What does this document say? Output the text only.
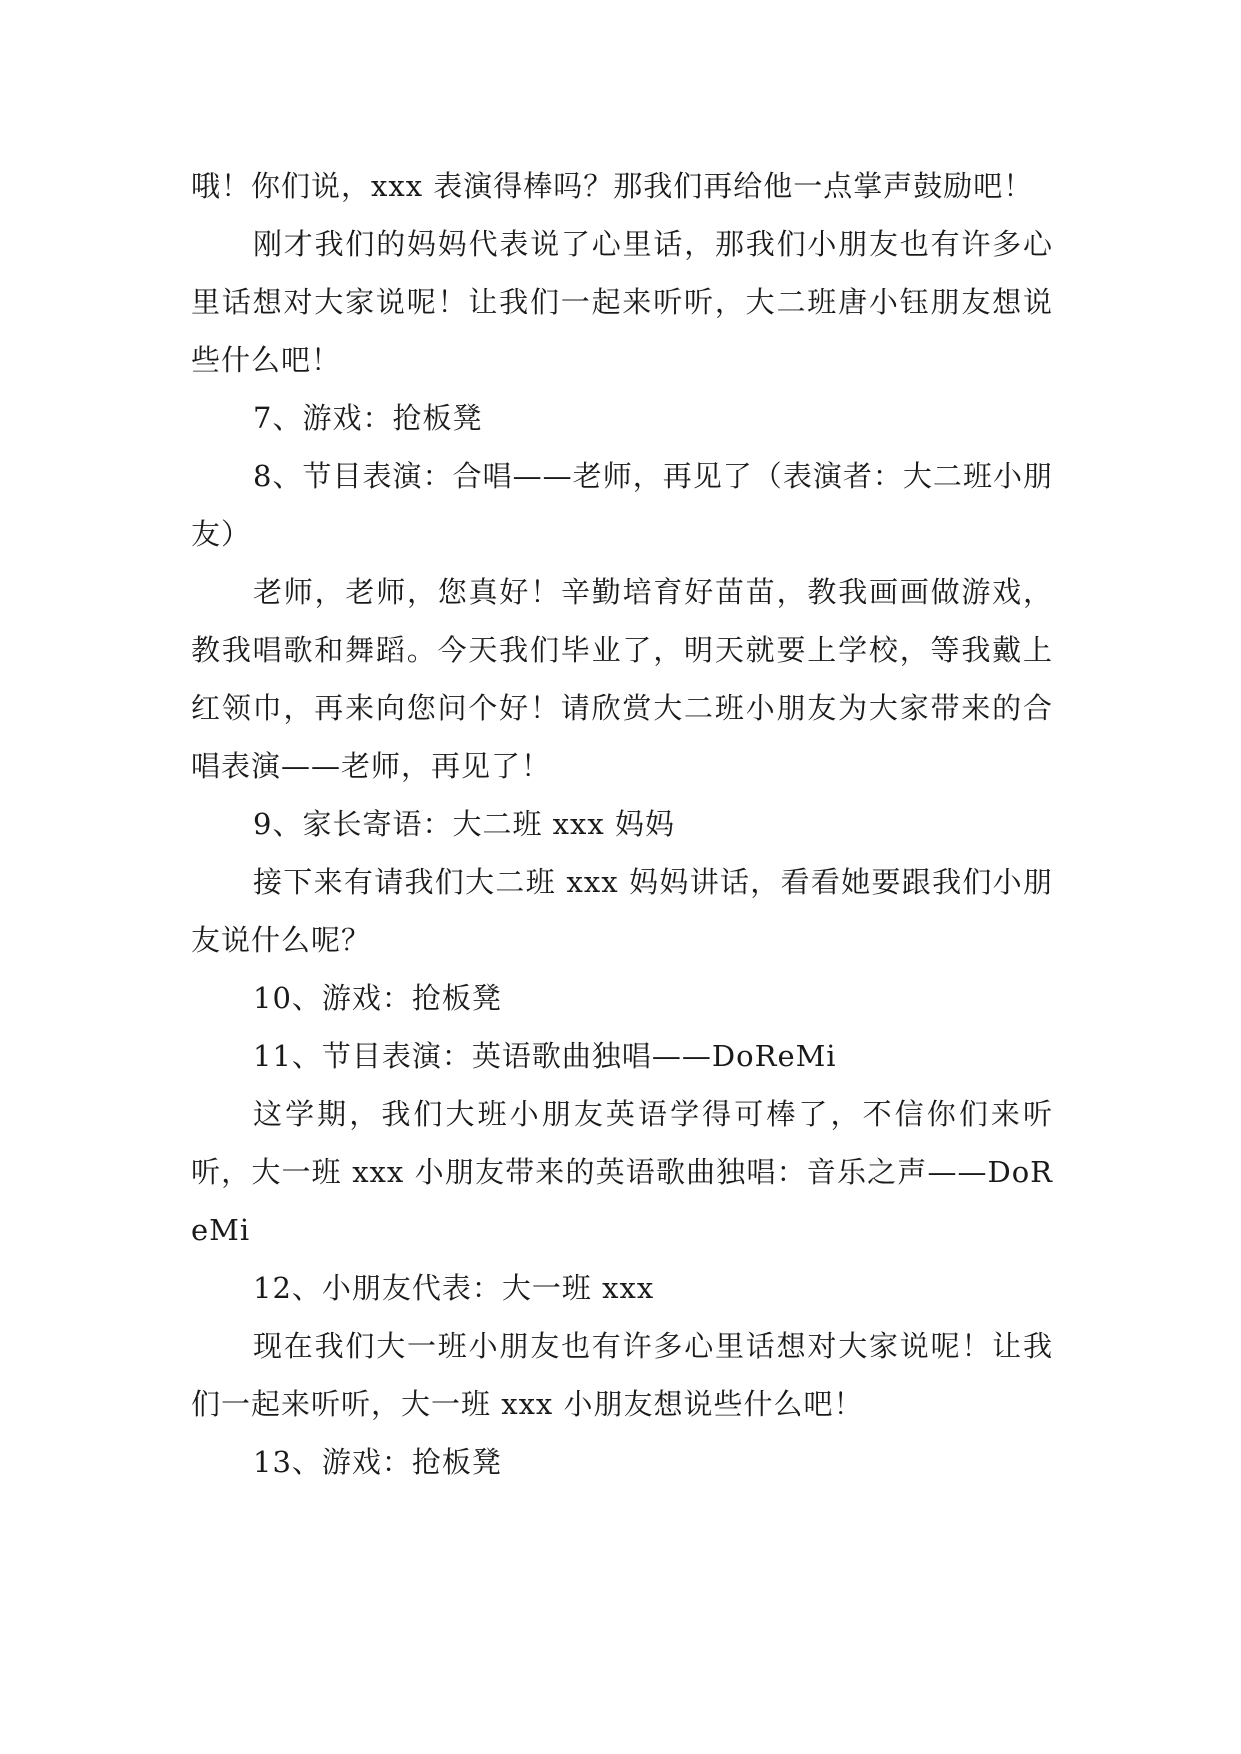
哦！你们说，xxx 表演得棒吗？那我们再给他一点掌声鼓励吧！

刚才我们的妈妈代表说了心里话，那我们小朋友也有许多心里话想对大家说呢！让我们一起来听听，大二班唐小钰朋友想说些什么吧！

7、游戏：抢板凳

8、节目表演：合唱——老师，再见了（表演者：大二班小朋友）

老师，老师，您真好！辛勤培育好苗苗，教我画画做游戏，教我唱歌和舞蹈。今天我们毕业了，明天就要上学校，等我戴上红领巾，再来向您问个好！请欣赏大二班小朋友为大家带来的合唱表演——老师，再见了！

9、家长寄语：大二班 xxx 妈妈

接下来有请我们大二班 xxx 妈妈讲话，看看她要跟我们小朋友说什么呢？

10、游戏：抢板凳

11、节目表演：英语歌曲独唱——DoReMi

这学期，我们大班小朋友英语学得可棒了，不信你们来听听，大一班 xxx 小朋友带来的英语歌曲独唱：音乐之声——DoReMi

12、小朋友代表：大一班 xxx

现在我们大一班小朋友也有许多心里话想对大家说呢！让我们一起来听听，大一班 xxx 小朋友想说些什么吧！

13、游戏：抢板凳
